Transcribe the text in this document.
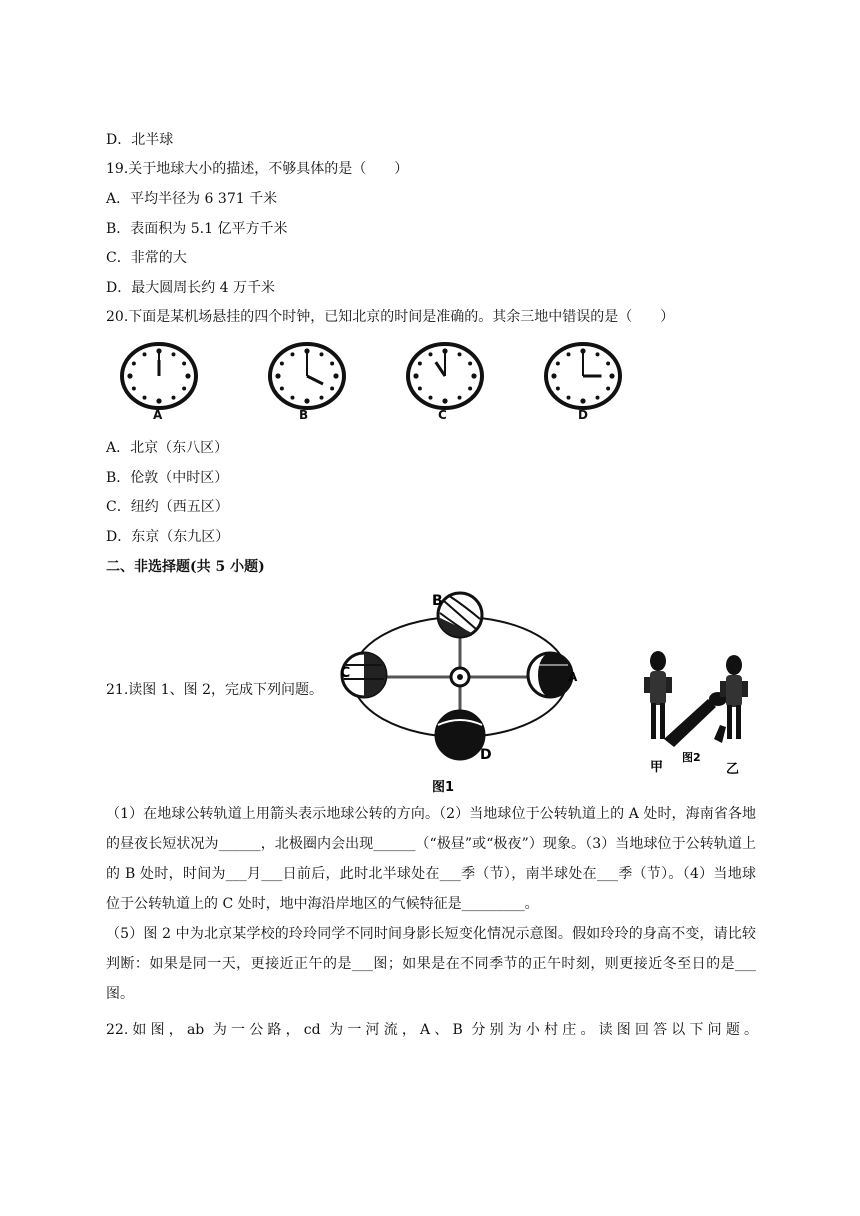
D．北半球
19.关于地球大小的描述，不够具体的是（　　）
A．平均半径为 6 371 千米
B．表面积为 5.1 亿平方千米
C．非常的大
D．最大圆周长约 4 万千米
20.下面是某机场悬挂的四个时钟，已知北京的时间是准确的。其余三地中错误的是（　　）
A	B	C	D
A．北京（东八区）
B．伦敦（中时区）
C．纽约（西五区）
D．东京（东九区）
二、非选择题(共 5 小题)
21.读图 1、图 2，完成下列问题。
B
C	A
D
图1
甲
图2
乙
（1）在地球公转轨道上用箭头表示地球公转的方向。（2）当地球位于公转轨道上的 A 处时，海南省各地的昼夜长短状况为______，北极圈内会出现______（“极昼”或“极夜”）现象。（3）当地球位于公转轨道上的 B 处时，时间为___月___日前后，此时北半球处在___季（节），南半球处在___季（节）。（4）当地球位于公转轨道上的 C 处时，地中海沿岸地区的气候特征是_________。
（5）图 2 中为北京某学校的玲玲同学不同时间身影长短变化情况示意图。假如玲玲的身高不变，请比较判断：如果是同一天，更接近正午的是___图；如果是在不同季节的正午时刻，则更接近冬至日的是___图。
22.如图，ab 为一公路，cd 为一河流，A、B 分别为小村庄。读图回答以下问题。
